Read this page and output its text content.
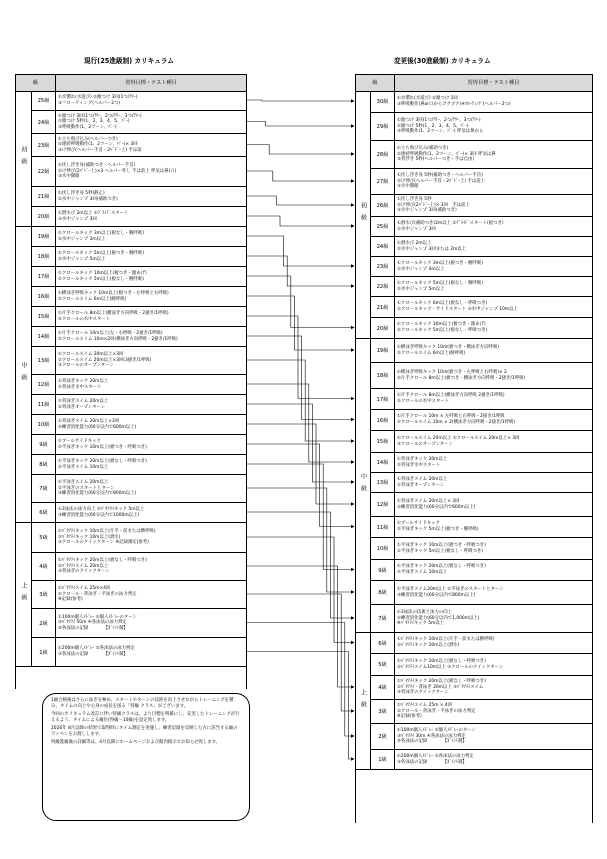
現行(25進級制) カリキュラム	変更後(30進級制) カリキュラム
級	習得目標・テスト種目
25級
①水慣れ(水遊び) ②顔つけ 3回(1つ/ｱﾜｰ)
③フローティング(ヘルパー2つ)
24級
①顔つけ 3回(1つ/ｱﾜｰ、2つ/ｱﾜｰ、3つ/ｱﾜｰ)
②顔つけ 5秒(1、2、3、4、5、ﾊﾟｰ)
③呼吸動作(1、2ツーン、ﾊﾟｰ)
23級
①立ち飛び込み(ヘルパーつき)
②連続呼吸動作(1、2ツーン、ﾊﾟｰ)× 3回
③け伸び(ヘルパー手首・2ﾊﾟﾄﾞｰ上) 手は前
22級
①伏し浮き身(補助つき・ヘルパー手首)
②け伸び(2ﾊﾟﾄﾞｰ上)×3 ヘルパー外し 手は前上 呼気は鼻(口)
③水中開眼
21級
①伏し浮き身 5秒(静止)
②水中ジャンプ 3回(補助つき)
20級
①潜水び 2m以上 ②ｸﾞﾗｲﾄﾞスタート
③水中ジャンプ 3回
19級
①クロールキック 3m以上(板なし・腕呼吸)
②水中ジャンプ 3m以上
18級
①クロールキック 5m以上(板つき・腕呼吸)
②水中ジャンプ 5m以上
17級
①クロールキック 10m以上(板つき・顔あげ)
②クロールキック 5m以上(板なし・腕呼吸)
16級
①横泳ぎ呼吸キック 10m以上(板つき・左呼吸と右呼吸)
②クロールスイム 6m以上(腕呼吸)
15級
①片手クロール 8m以上(横泳ぎ方向呼吸・2掻き/1呼吸)
②クロールの水中スタート
14級
①片手クロール 10m以上(左・右呼吸・2掻き/1呼吸)
②クロールスイム 10m×2回(横泳ぎ方向呼吸・2掻き/1呼吸)
13級
①クロールスイム 20m以上×3回
②クロールスイム 20m以上×3回(3掻き/1呼吸)
③クロールのオープンターン
12級
①背泳ぎキック 20m以上
②背泳ぎ水中スタート
11級
①背泳ぎスイム 20m以上
②背泳ぎオープンターン
10級
①背泳ぎスイム 20m以上×3回
②練習消化能力(60分以内で600m以上)
9級
①ブールサイドキック
②平泳ぎキック 10m以上(板つき・呼吸つき)
8級
①平泳ぎキック 20m以上(板なし・呼吸つき)
②平泳ぎスイム 10m以上
7級
①平泳ぎスイム 20m以上
②平泳ぎのスタートとターン
③練習消化能力(60分以内で800m以上)
6級
①3泳法の泳力向上 ②ﾊﾞﾀﾌﾗｲキック 5m以上
③練習消化能力(60分以内で1000m以上)
5級
①ﾊﾞﾀﾌﾗｲキック 10m以上(片手・前または横呼吸)
②ﾊﾞﾀﾌﾗｲキック 10m以上(潜水)
③クロールのクイックターン ※記録測定(参考)
4級
①ﾊﾞﾀﾌﾗｲキック 20m以上(板なし・呼吸つき)
②ﾊﾞﾀﾌﾗｲスイム 20m以上
③背泳ぎのクイックターン
3級
①ﾊﾞﾀﾌﾗｲスイム 25m×4回
②クロール・背泳ぎ・平泳ぎの泳力判定
※記録(参考)
2級
①100m個人ﾒﾄﾞﾚｰ ②個人ﾒﾄﾞﾚｰのターン
③ﾊﾞﾀﾌﾗｲ 50m ④各泳法の泳力判定
⑤各泳法の記録　　　　【ﾎﾟｲﾝﾄ制】
1級
①200m個人ﾒﾄﾞﾚｰ ②各泳法の泳力判定
③各泳法の記録　　　　【ﾎﾟｲﾝﾄ制】
初級
中級
上級
級	習得目標・テスト種目
30級
①水慣れ(水遊び) ②顔つけ 1回
③呼吸動作(鼻or口からブクブク)④ﾌﾛｰﾃｨﾝｸﾞ(ヘルパー2つ)
29級
①顔つけ 3回(1つ/ｱﾜｰ、2つ/ｱﾜｰ、3つ/ｱﾜｰ)
②顔つけ 5秒(1、2、3、4、5、ﾊﾟｰ)
③呼吸動作(1、2ツーン、ﾊﾟｰ) 呼気は鼻から
28級
①立ち飛び込み(補助つき)
②連続呼吸動作(1、2ツーン、ﾊﾟｰ)× 3回 呼気は鼻
③背浮き 5秒(ヘルパーつき・手は自由)
27級
①伏し浮き身 5秒(補助つき・ヘルパー手首)
②け伸び(ヘルパー手首・2ﾊﾟﾄﾞｰ上) 手は前上
③水中開眼
26級
①伏し浮き身 5秒
②け伸び(2ﾊﾟﾄﾞｰ上)× 3回　手は前上
③水中ジャンプ 3回(補助つき)
25級
①潜水び(補助つき)2m以上 ②ｸﾞﾗｲﾄﾞスタート(板つき)
②水中ジャンプ 3回
24級
①潜水び 2m以上
②水中ジャンプ 3回または 2m以上
23級
①クロールキック 3m以上(板つき・腕呼吸)
②水中ジャンプ 4m以上
22級
①クロールキック 5m以上(板なし・腕呼吸)
②水中ジャンプ 5m以上
21級
①クロールキック 6m以上(板なし・呼吸つき)
②クロールキック・サイドスタート ③水中ジャンプ 10m以上
20級
①クロールキック 10m以上(板つき・顔あげ)
②クロールキック 5m以上(板なし・呼吸つき)
19級
①横泳ぎ呼吸キック 10m(板つき・横泳ぎ方向呼吸)
②クロールスイム 6m以上(腕呼吸)
18級
①横泳ぎ呼吸キック 10m(板つき・左呼吸と右呼吸)× 2
②片手クロール 8m以上(板つき・横泳ぎ方向呼吸・2掻き/1呼吸)
17級
①片手クロール 8m以上(横泳ぎ方向呼吸 2掻き/1呼吸)
②クロールの水中スタート
16級
①片手クロール 10m × 左呼吸と右呼吸・2掻き/1呼吸
②クロールスイム 10m × 2(横泳ぎ方向呼吸・2掻き/1呼吸)
15級
①クロールスイム 20m以上 ②クロールスイム 20m以上× 3回
③クロールのオープンターン
14級
①背泳ぎキック 20m以上
②背泳ぎ水中スタート
13級
①背泳ぎスイム 20m以上
②背泳ぎオープンターン
12級
①背泳ぎスイム 20m以上× 3回
②練習消化能力(60分以内で600m以上)
11級
①ブールサイドキック
②平泳ぎキック 5m以上(板つき・腕呼吸)
10級
①平泳ぎキック 10m以上(板つき・呼吸つき)
②平泳ぎキック 5m以上(板なし・呼吸つき)
9級
①平泳ぎキック 20m以上(板なし・呼吸つき)
②平泳ぎスイム 10m以上
8級
①平泳ぎスイム20m以上 ②平泳ぎのスタートとターン
③練習消化能力(60分以内で800m以上)
7級
①3泳法の技術と泳力の向上
②練習消化能力(60分以内で1,000m以上)
※ﾊﾞﾀﾌﾗｲキック 5m以上
6級
①ﾊﾞﾀﾌﾗｲキック 10m以上(片手・前または横呼吸)
②ﾊﾞﾀﾌﾗｲキック 10m以上(潜水)
5級
①ﾊﾞﾀﾌﾗｲキック 10m以上(板なし・呼吸つき)
②ﾊﾞﾀﾌﾗｲスイム10m以上 ③クロールのクイックターン
4級
①ﾊﾞﾀﾌﾗｲキック 20m以上(板なし・呼吸つき)
②ﾊﾞﾀﾌﾗｲ・背泳ぎ 20m以上 ③ﾊﾞﾀﾌﾗｲスイム
③背泳ぎのクイックターン
3級
①ﾊﾞﾀﾌﾗｲスイム 25m × 4回
②クロール・背泳ぎ・平泳ぎの泳力判定
※記録(参考)
2級
①100m個人ﾒﾄﾞﾚｰ ②個人ﾒﾄﾞﾚｰのターン
③ﾊﾞﾀﾌﾗｲ 30m ④各泳法の泳力判定
⑤各泳法の記録　　　　【ﾎﾟｲﾝﾄ制】
1級
①200m個人ﾒﾄﾞﾚｰ ②各泳法の泳力判定
③各泳法の記録　　　　【ﾎﾟｲﾝﾄ制】
初級
中級
上級

1級合格後はさらに泳ぎを極め、スタートやターンの技術を向上させながらトレーニングを積み、タイムの向上や心身の成長を図る「特級 クラス」がございます。

今回のカリキュラム改訂に伴い特級クラスは、より目標を明確にし、充実したトレーニングが行えるよう、タイムによる級位(得級～10級)を設定致します。

2026年 8月以降の結果で取得時にタイム測定を実施し、練習記録を反映した方に該当する級のワッペンをお渡しします。

特級進級後の詳細等は、4月以降にホームページおよび館内掲示でお知らせ致します。
